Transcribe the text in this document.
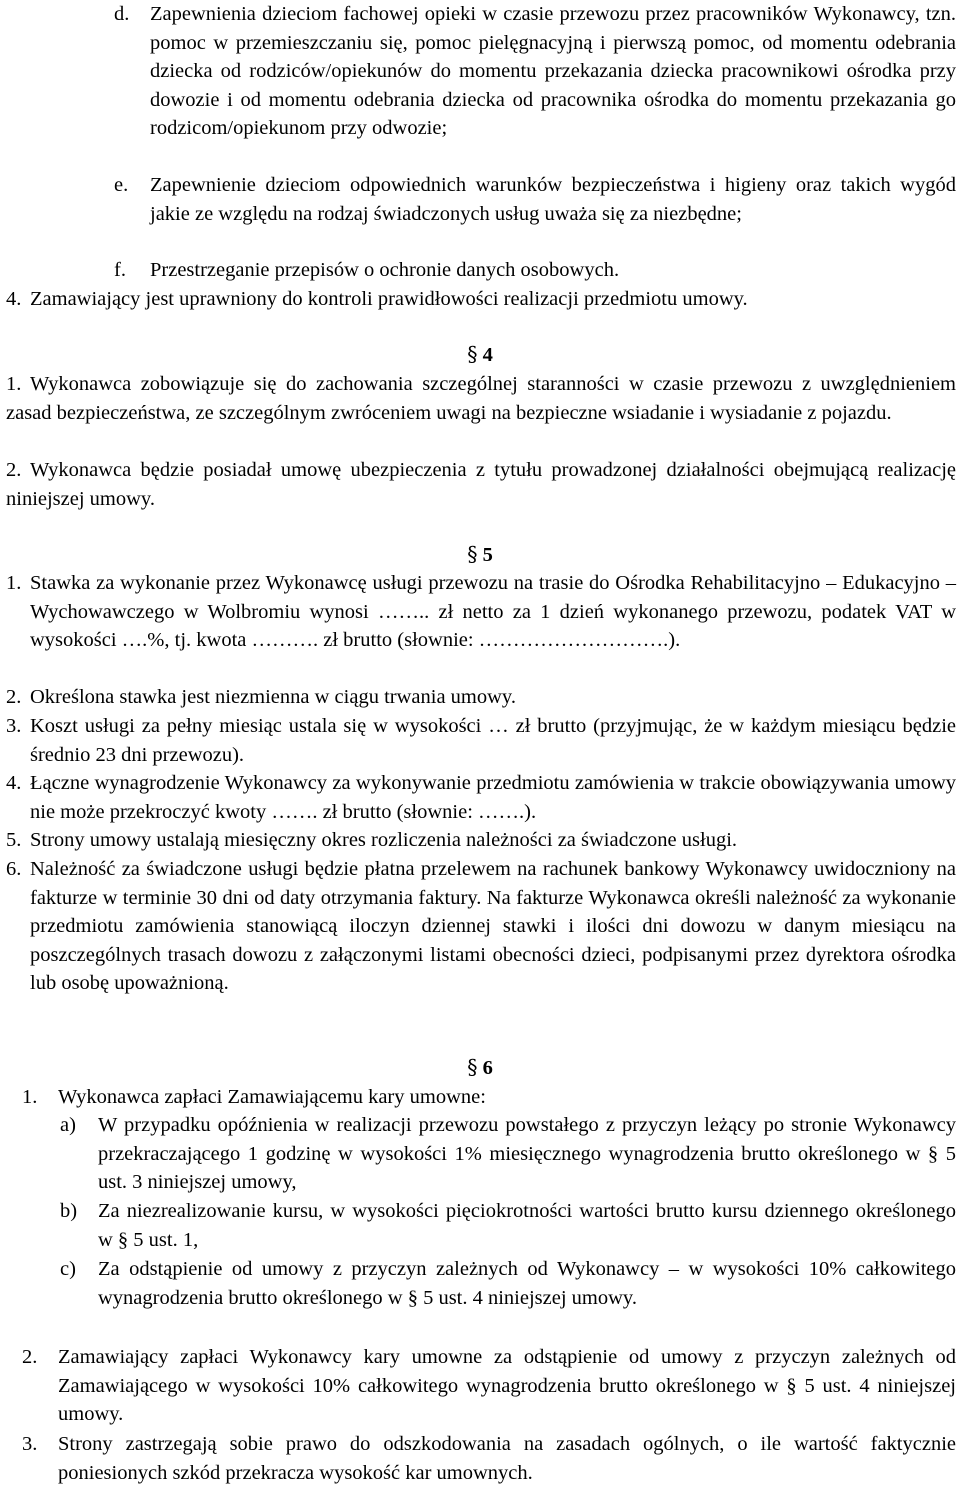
d. Zapewnienia dzieciom fachowej opieki w czasie przewozu przez pracowników Wykonawcy, tzn. pomoc w przemieszczaniu się, pomoc pielęgnacyjną i pierwszą pomoc, od momentu odebrania dziecka od rodziców/opiekunów do momentu przekazania dziecka pracownikowi ośrodka przy dowozie i od momentu odebrania dziecka od pracownika ośrodka do momentu przekazania go rodzicom/opiekunom przy odwozie;
e. Zapewnienie dzieciom odpowiednich warunków bezpieczeństwa i higieny oraz takich wygód jakie ze względu na rodzaj świadczonych usług uważa się za niezbędne;
f. Przestrzeganie przepisów o ochronie danych osobowych.
4. Zamawiający jest uprawniony do kontroli prawidłowości realizacji przedmiotu umowy.
§ 4
1. Wykonawca zobowiązuje się do zachowania szczególnej staranności w czasie przewozu z uwzględnieniem zasad bezpieczeństwa, ze szczególnym zwróceniem uwagi na bezpieczne wsiadanie i wysiadanie z pojazdu.
2. Wykonawca będzie posiadał umowę ubezpieczenia z tytułu prowadzonej działalności obejmującą realizację niniejszej umowy.
§ 5
1. Stawka za wykonanie przez Wykonawcę usługi przewozu na trasie do Ośrodka Rehabilitacyjno – Edukacyjno – Wychowawczego w Wolbromiu wynosi …….. zł netto za 1 dzień wykonanego przewozu, podatek VAT w wysokości ….%, tj. kwota ………. zł brutto (słownie: ……………………….).
2. Określona stawka jest niezmienna w ciągu trwania umowy.
3. Koszt usługi za pełny miesiąc ustala się w wysokości … zł brutto (przyjmując, że w każdym miesiącu będzie średnio 23 dni przewozu).
4. Łączne wynagrodzenie Wykonawcy za wykonywanie przedmiotu zamówienia w trakcie obowiązywania umowy nie może przekroczyć kwoty ……. zł brutto (słownie: …….).
5. Strony umowy ustalają miesięczny okres rozliczenia należności za świadczone usługi.
6. Należność za świadczone usługi będzie płatna przelewem na rachunek bankowy Wykonawcy uwidoczniony na fakturze w terminie 30 dni od daty otrzymania faktury. Na fakturze Wykonawca określi należność za wykonanie przedmiotu zamówienia stanowiącą iloczyn dziennej stawki i ilości dni dowozu w danym miesiącu na poszczególnych trasach dowozu z załączonymi listami obecności dzieci, podpisanymi przez dyrektora ośrodka lub osobę upoważnioną.
§ 6
1. Wykonawca zapłaci Zamawiającemu kary umowne:
a) W przypadku opóźnienia w realizacji przewozu powstałego z przyczyn leżący po stronie Wykonawcy przekraczającego 1 godzinę w wysokości 1% miesięcznego wynagrodzenia brutto określonego w § 5 ust. 3 niniejszej umowy,
b) Za niezrealizowanie kursu, w wysokości pięciokrotności wartości brutto kursu dziennego określonego w § 5 ust. 1,
c) Za odstąpienie od umowy z przyczyn zależnych od Wykonawcy – w wysokości 10% całkowitego wynagrodzenia brutto określonego w § 5 ust. 4 niniejszej umowy.
2. Zamawiający zapłaci Wykonawcy kary umowne za odstąpienie od umowy z przyczyn zależnych od Zamawiającego w wysokości 10% całkowitego wynagrodzenia brutto określonego w § 5 ust. 4 niniejszej umowy.
3. Strony zastrzegają sobie prawo do odszkodowania na zasadach ogólnych, o ile wartość faktycznie poniesionych szkód przekracza wysokość kar umownych.
